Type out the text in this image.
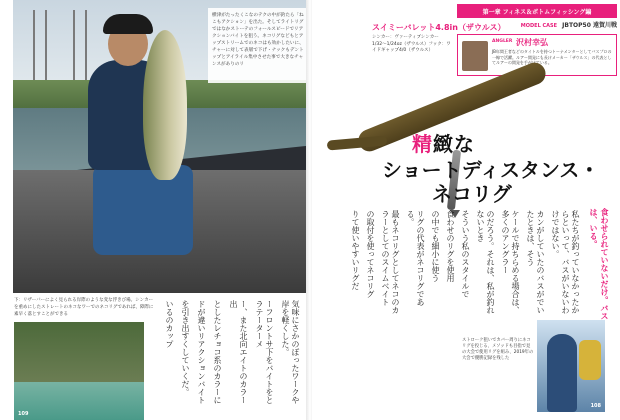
横津がたったくこなのテクの中が釣たら「ねこもアクション」を出た。そしてライトリグではなかストーテのフォールスピードでリアクションバイトを狙う。ネコリグなどもとアップストリームでのネコはも効かしたいに、チャーに対して表層で下げ・ナックもデントップとアイライル集中させた事で大きなチャンスがありのリ
下：リザーバーによく見られる岸際のような変な浮きび場。シンカーを重めにしたストレートのネコなワーでのネコリグであれば、障際に素早く落とすことができる
109
気味にさかのぼったワークや岸を軽くした。
ーフロントサ下をバイトをとラテーターメ
ー、また北向エイトのカラー出
としたレチョコ系のカラーに
ドが違いリアクションバイト
を引き出すくしていくだ。
いるのカップ
第一章 フィネス＆ボトムフィッシング編
MODEL CASE JBTOP50 遠賀川戦
スイミーバレット4.8in（ザウルス）
シンカー：ヴァーティブシンカー1/32〜1/24oz（ザウルス）フック：ワイドギャップ4/0（ザウルス）
ANGLER 沢村幸弘
JB年間王者などのタイトルを持つトーナメンターとしてバスプロの一線で活躍。ルアー開発にも長けメーカー「ザウルス」の代表としてルアーの開発を手がけている。
精緻な
ショートディスタンス・
ネコリグ
食わせられていないだけ。バスは、いる。
私たちが釣っていなかったからといって、バスがいないわけではない。
カンがしていたのバスがでいたときは、そう
ケールで持ちらめる場合は、多くのアングラー
のだろう。それは、私が釣れないとき
そういう私のスタイルで
食わせのリグを使用
の中でも細小に使う
リグの代表がネコリグである。
最もネコリグとしてネコのカラーとしてのスイムベイト
の取付を使ってネコリグ
りて使いやすいリグだ
ストローク狙いでカバー周りにネコリグを投じる、メソッドも目指で見の大会で使用リグを組み、2019年の大会で優勝記録を残した
108
